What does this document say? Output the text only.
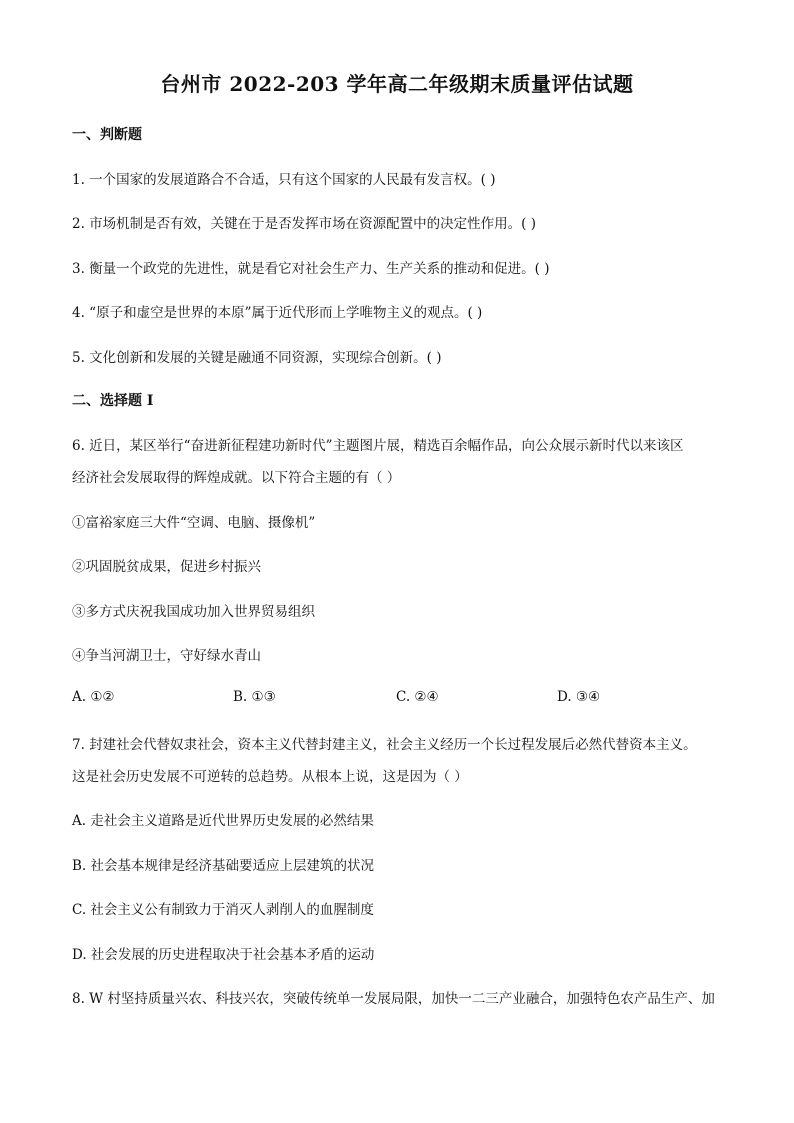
台州市 2022-203 学年高二年级期末质量评估试题
一、判断题
1. 一个国家的发展道路合不合适，只有这个国家的人民最有发言权。( )
2. 市场机制是否有效，关键在于是否发挥市场在资源配置中的决定性作用。( )
3. 衡量一个政党的先进性，就是看它对社会生产力、生产关系的推动和促进。( )
4. “原子和虚空是世界的本原”属于近代形而上学唯物主义的观点。( )
5. 文化创新和发展的关键是融通不同资源，实现综合创新。( )
二、选择题 I
6. 近日，某区举行“奋进新征程建功新时代”主题图片展，精选百余幅作品，向公众展示新时代以来该区
经济社会发展取得的辉煌成就。以下符合主题的有（ ）
①富裕家庭三大件“空调、电脑、摄像机”
②巩固脱贫成果，促进乡村振兴
③多方式庆祝我国成功加入世界贸易组织
④争当河湖卫士，守好绿水青山
A. ①②	B. ①③	C. ②④	D. ③④
7. 封建社会代替奴隶社会，资本主义代替封建主义，社会主义经历一个长过程发展后必然代替资本主义。
这是社会历史发展不可逆转的总趋势。从根本上说，这是因为（ ）
A. 走社会主义道路是近代世界历史发展的必然结果
B. 社会基本规律是经济基础要适应上层建筑的状况
C. 社会主义公有制致力于消灭人剥削人的血腥制度
D. 社会发展的历史进程取决于社会基本矛盾的运动
8. W 村坚持质量兴农、科技兴农，突破传统单一发展局限，加快一二三产业融合，加强特色农产品生产、加
